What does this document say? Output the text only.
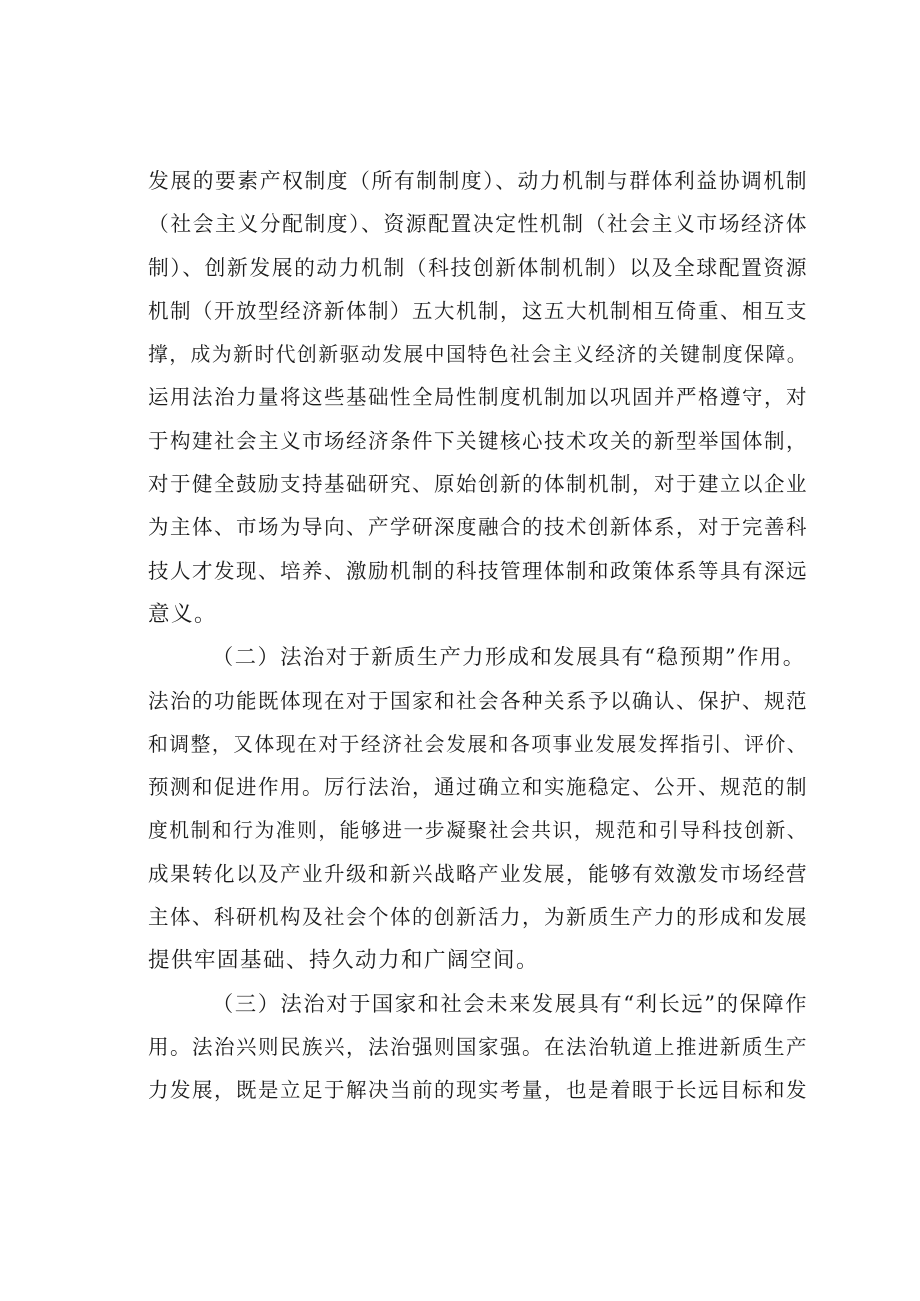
发展的要素产权制度（所有制制度）、动力机制与群体利益协调机制
（社会主义分配制度）、资源配置决定性机制（社会主义市场经济体
制）、创新发展的动力机制（科技创新体制机制）以及全球配置资源
机制（开放型经济新体制）五大机制，这五大机制相互倚重、相互支
撑，成为新时代创新驱动发展中国特色社会主义经济的关键制度保障。
运用法治力量将这些基础性全局性制度机制加以巩固并严格遵守，对
于构建社会主义市场经济条件下关键核心技术攻关的新型举国体制，
对于健全鼓励支持基础研究、原始创新的体制机制，对于建立以企业
为主体、市场为导向、产学研深度融合的技术创新体系，对于完善科
技人才发现、培养、激励机制的科技管理体制和政策体系等具有深远
意义。
（二）法治对于新质生产力形成和发展具有“稳预期”作用。
法治的功能既体现在对于国家和社会各种关系予以确认、保护、规范
和调整，又体现在对于经济社会发展和各项事业发展发挥指引、评价、
预测和促进作用。厉行法治，通过确立和实施稳定、公开、规范的制
度机制和行为准则，能够进一步凝聚社会共识，规范和引导科技创新、
成果转化以及产业升级和新兴战略产业发展，能够有效激发市场经营
主体、科研机构及社会个体的创新活力，为新质生产力的形成和发展
提供牢固基础、持久动力和广阔空间。
（三）法治对于国家和社会未来发展具有“利长远”的保障作
用。法治兴则民族兴，法治强则国家强。在法治轨道上推进新质生产
力发展，既是立足于解决当前的现实考量，也是着眼于长远目标和发
